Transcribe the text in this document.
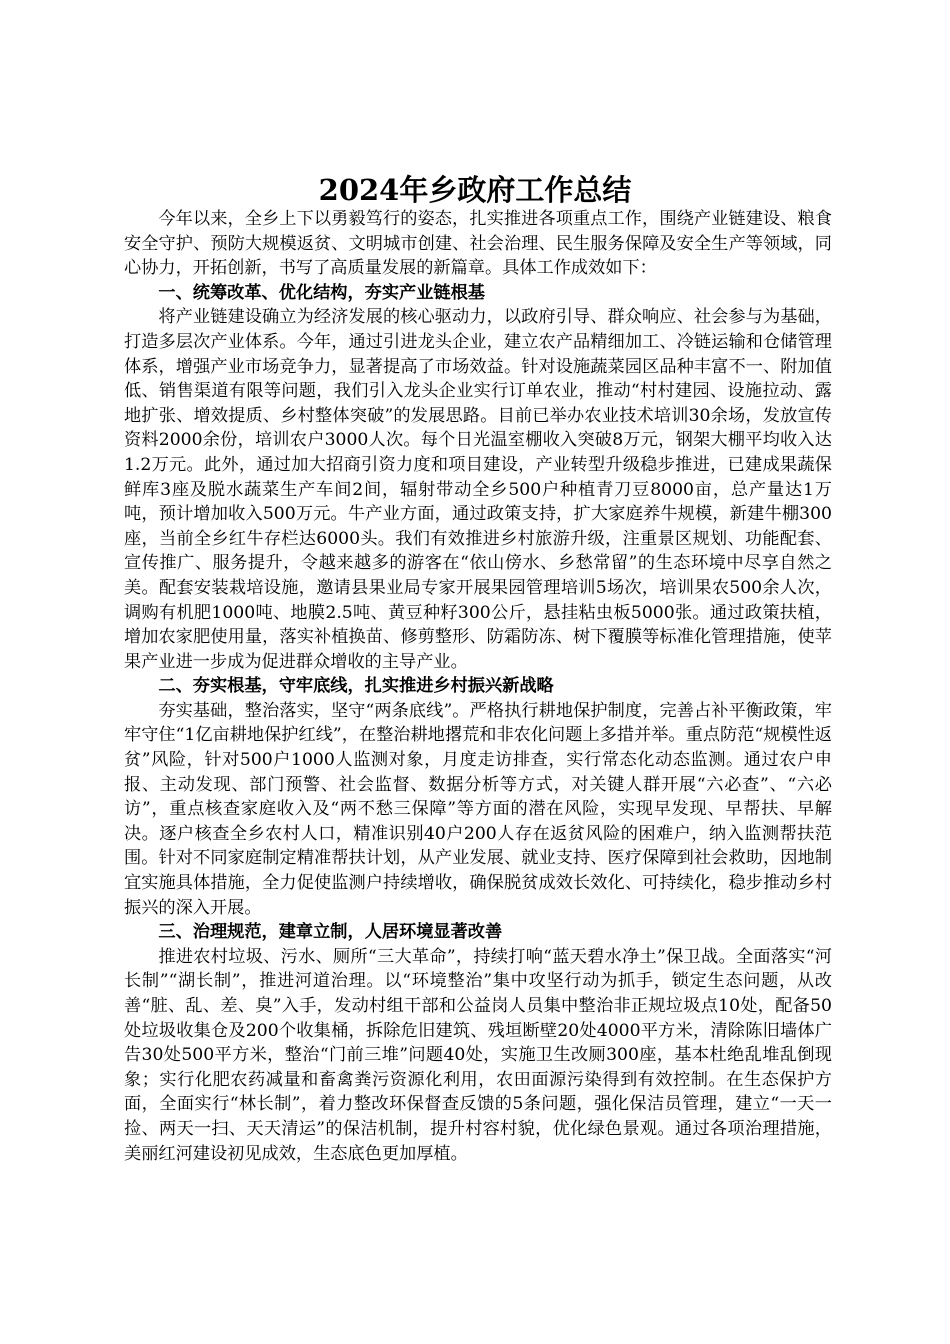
2024年乡政府工作总结

今年以来，全乡上下以勇毅笃行的姿态，扎实推进各项重点工作，围绕产业链建设、粮食安全守护、预防大规模返贫、文明城市创建、社会治理、民生服务保障及安全生产等领域，同心协力，开拓创新，书写了高质量发展的新篇章。具体工作成效如下：

一、统筹改革、优化结构，夯实产业链根基

将产业链建设确立为经济发展的核心驱动力，以政府引导、群众响应、社会参与为基础，打造多层次产业体系。今年，通过引进龙头企业，建立农产品精细加工、冷链运输和仓储管理体系，增强产业市场竞争力，显著提高了市场效益。针对设施蔬菜园区品种丰富不一、附加值低、销售渠道有限等问题，我们引入龙头企业实行订单农业，推动“村村建园、设施拉动、露地扩张、增效提质、乡村整体突破”的发展思路。目前已举办农业技术培训30余场，发放宣传资料2000余份，培训农户3000人次。每个日光温室棚收入突破8万元，钢架大棚平均收入达1.2万元。此外，通过加大招商引资力度和项目建设，产业转型升级稳步推进，已建成果蔬保鲜库3座及脱水蔬菜生产车间2间，辐射带动全乡500户种植青刀豆8000亩，总产量达1万吨，预计增加收入500万元。牛产业方面，通过政策支持，扩大家庭养牛规模，新建牛棚300座，当前全乡红牛存栏达6000头。我们有效推进乡村旅游升级，注重景区规划、功能配套、宣传推广、服务提升，令越来越多的游客在“依山傍水、乡愁常留”的生态环境中尽享自然之美。配套安装栽培设施，邀请县果业局专家开展果园管理培训5场次，培训果农500余人次，调购有机肥1000吨、地膜2.5吨、黄豆种籽300公斤，悬挂粘虫板5000张。通过政策扶植，增加农家肥使用量，落实补植换苗、修剪整形、防霜防冻、树下覆膜等标准化管理措施，使苹果产业进一步成为促进群众增收的主导产业。

二、夯实根基，守牢底线，扎实推进乡村振兴新战略

夯实基础，整治落实，坚守“两条底线”。严格执行耕地保护制度，完善占补平衡政策，牢牢守住“1亿亩耕地保护红线”，在整治耕地撂荒和非农化问题上多措并举。重点防范“规模性返贫”风险，针对500户1000人监测对象，月度走访排查，实行常态化动态监测。通过农户申报、主动发现、部门预警、社会监督、数据分析等方式，对关键人群开展“六必查”、“六必访”，重点核查家庭收入及“两不愁三保障”等方面的潜在风险，实现早发现、早帮扶、早解决。逐户核查全乡农村人口，精准识别40户200人存在返贫风险的困难户，纳入监测帮扶范围。针对不同家庭制定精准帮扶计划，从产业发展、就业支持、医疗保障到社会救助，因地制宜实施具体措施，全力促使监测户持续增收，确保脱贫成效长效化、可持续化，稳步推动乡村振兴的深入开展。

三、治理规范，建章立制，人居环境显著改善

推进农村垃圾、污水、厕所“三大革命”，持续打响“蓝天碧水净土”保卫战。全面落实“河长制”“湖长制”，推进河道治理。以“环境整治”集中攻坚行动为抓手，锁定生态问题，从改善“脏、乱、差、臭”入手，发动村组干部和公益岗人员集中整治非正规垃圾点10处，配备50处垃圾收集仓及200个收集桶，拆除危旧建筑、残垣断壁20处4000平方米，清除陈旧墙体广告30处500平方米，整治“门前三堆”问题40处，实施卫生改厕300座，基本杜绝乱堆乱倒现象；实行化肥农药减量和畜禽粪污资源化利用，农田面源污染得到有效控制。在生态保护方面，全面实行“林长制”，着力整改环保督查反馈的5条问题，强化保洁员管理，建立“一天一捡、两天一扫、天天清运”的保洁机制，提升村容村貌，优化绿色景观。通过各项治理措施，美丽红河建设初见成效，生态底色更加厚植。
